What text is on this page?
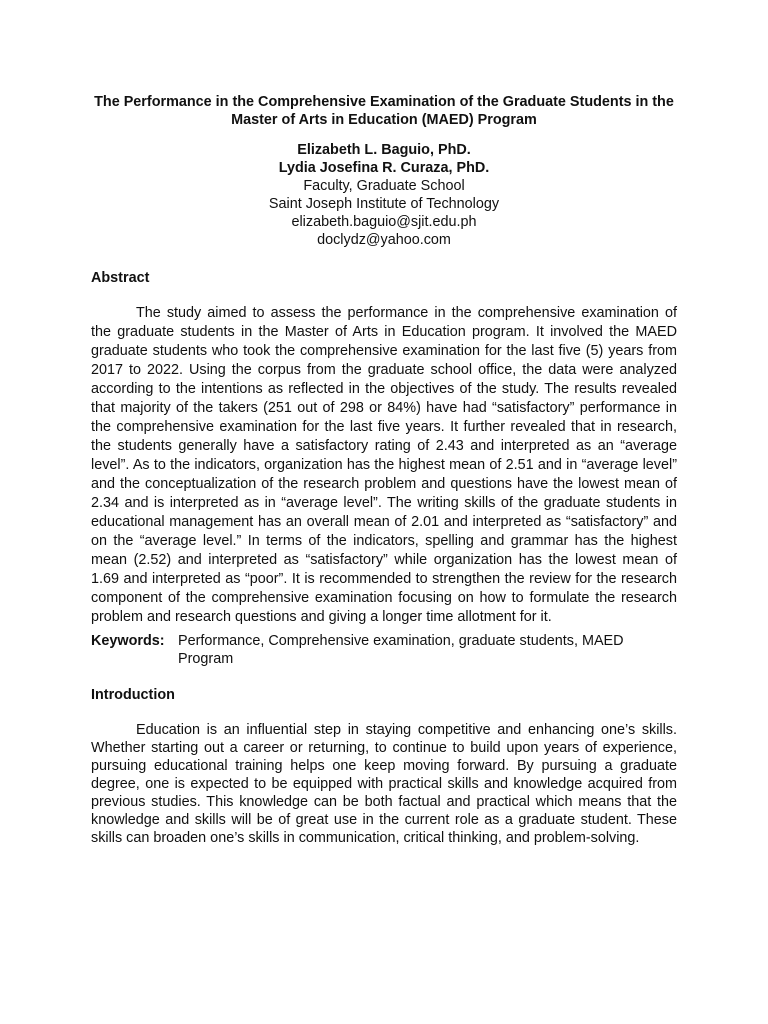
The Performance in the Comprehensive Examination of the Graduate Students in the Master of Arts in Education (MAED) Program
Elizabeth L. Baguio, PhD.
Lydia Josefina R. Curaza, PhD.
Faculty, Graduate School
Saint Joseph Institute of Technology
elizabeth.baguio@sjit.edu.ph
doclydz@yahoo.com
Abstract

The study aimed to assess the performance in the comprehensive examination of the graduate students in the Master of Arts in Education program. It involved the MAED graduate students who took the comprehensive examination for the last five (5) years from 2017 to 2022. Using the corpus from the graduate school office, the data were analyzed according to the intentions as reflected in the objectives of the study. The results revealed that majority of the takers (251 out of 298 or 84%) have had “satisfactory” performance in the comprehensive examination for the last five years. It further revealed that in research, the students generally have a satisfactory rating of 2.43 and interpreted as an “average level”. As to the indicators, organization has the highest mean of 2.51 and in “average level” and the conceptualization of the research problem and questions have the lowest mean of 2.34 and is interpreted as in “average level”. The writing skills of the graduate students in educational management has an overall mean of 2.01 and interpreted as “satisfactory” and on the “average level.” In terms of the indicators, spelling and grammar has the highest mean (2.52) and interpreted as “satisfactory” while organization has the lowest mean of 1.69 and interpreted as “poor”. It is recommended to strengthen the review for the research component of the comprehensive examination focusing on how to formulate the research problem and research questions and giving a longer time allotment for it.

Keywords: Performance, Comprehensive examination, graduate students, MAED Program
Introduction

Education is an influential step in staying competitive and enhancing one’s skills. Whether starting out a career or returning, to continue to build upon years of experience, pursuing educational training helps one keep moving forward. By pursuing a graduate degree, one is expected to be equipped with practical skills and knowledge acquired from previous studies. This knowledge can be both factual and practical which means that the knowledge and skills will be of great use in the current role as a graduate student. These skills can broaden one’s skills in communication, critical thinking, and problem-solving.
